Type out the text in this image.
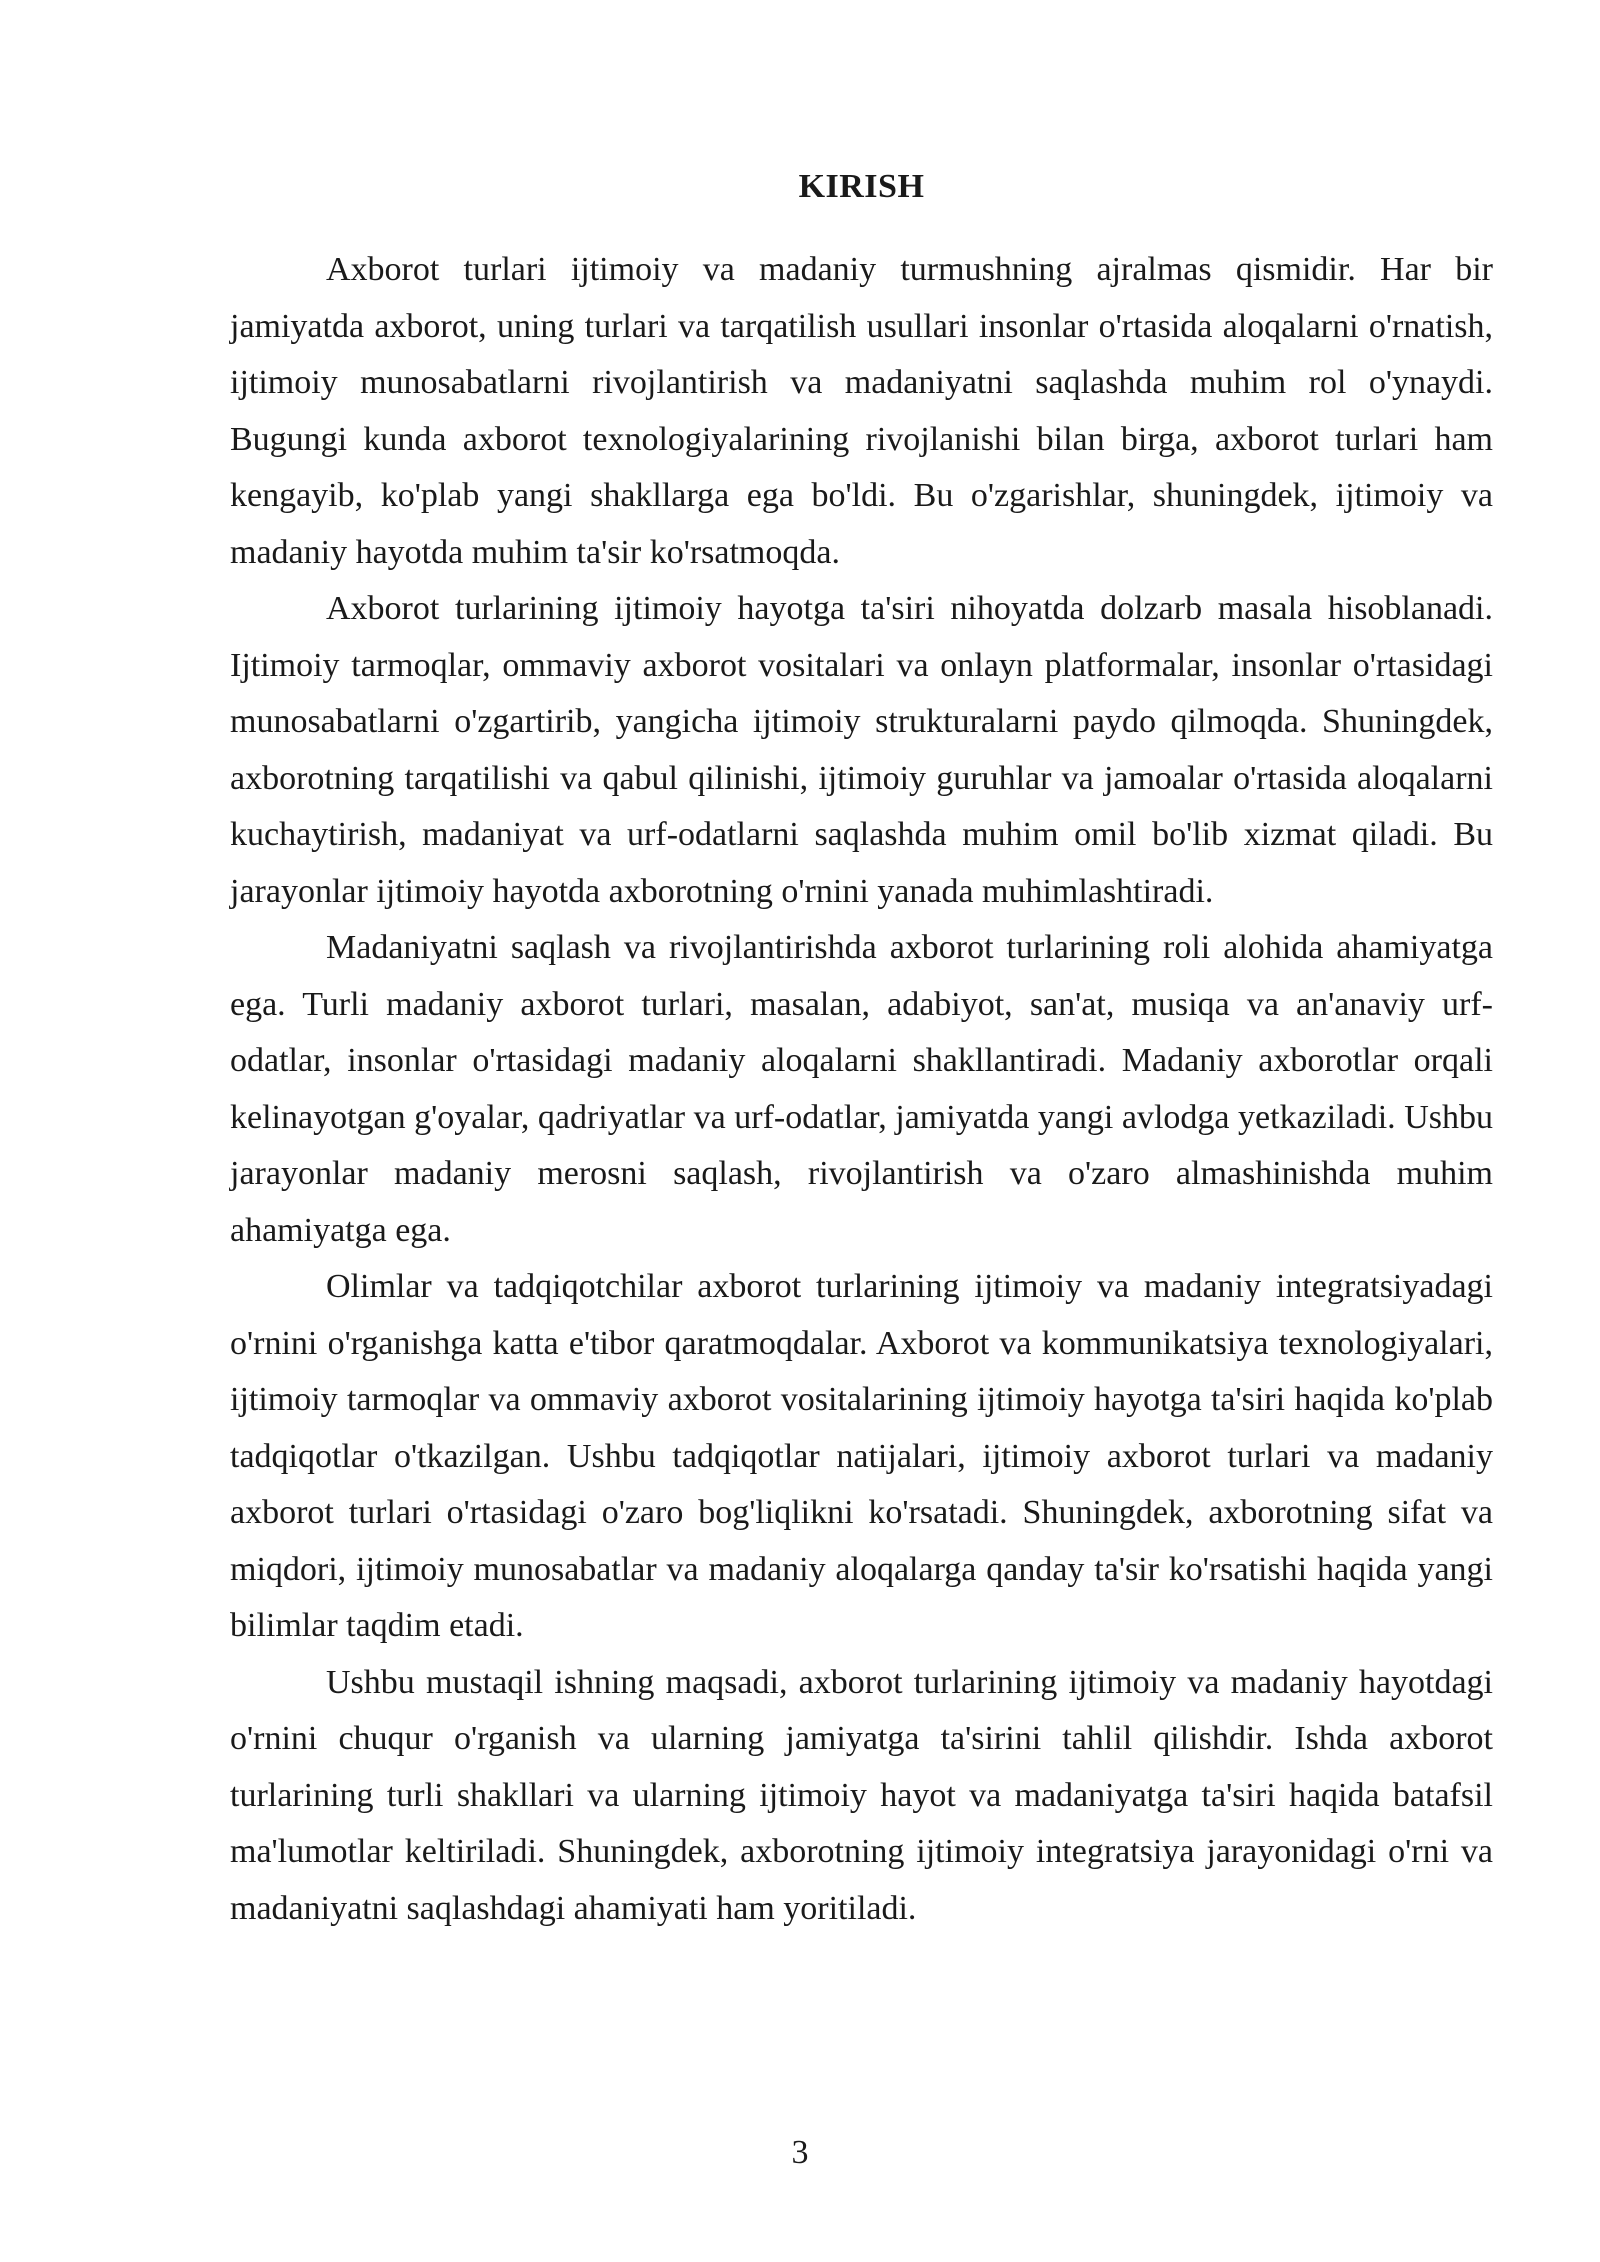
KIRISH

Axborot turlari ijtimoiy va madaniy turmushning ajralmas qismidir. Har bir jamiyatda axborot, uning turlari va tarqatilish usullari insonlar o'rtasida aloqalarni o'rnatish, ijtimoiy munosabatlarni rivojlantirish va madaniyatni saqlashda muhim rol o'ynaydi. Bugungi kunda axborot texnologiyalarining rivojlanishi bilan birga, axborot turlari ham kengayib, ko'plab yangi shakllarga ega bo'ldi. Bu o'zgarishlar, shuningdek, ijtimoiy va madaniy hayotda muhim ta'sir ko'rsatmoqda.

Axborot turlarining ijtimoiy hayotga ta'siri nihoyatda dolzarb masala hisoblanadi. Ijtimoiy tarmoqlar, ommaviy axborot vositalari va onlayn platformalar, insonlar o'rtasidagi munosabatlarni o'zgartirib, yangicha ijtimoiy strukturalarni paydo qilmoqda. Shuningdek, axborotning tarqatilishi va qabul qilinishi, ijtimoiy guruhlar va jamoalar o'rtasida aloqalarni kuchaytirish, madaniyat va urf-odatlarni saqlashda muhim omil bo'lib xizmat qiladi. Bu jarayonlar ijtimoiy hayotda axborotning o'rnini yanada muhimlashtiradi.

Madaniyatni saqlash va rivojlantirishda axborot turlarining roli alohida ahamiyatga ega. Turli madaniy axborot turlari, masalan, adabiyot, san'at, musiqa va an'anaviy urf-odatlar, insonlar o'rtasidagi madaniy aloqalarni shakllantiradi. Madaniy axborotlar orqali kelinayotgan g'oyalar, qadriyatlar va urf-odatlar, jamiyatda yangi avlodga yetkaziladi. Ushbu jarayonlar madaniy merosni saqlash, rivojlantirish va o'zaro almashinishda muhim ahamiyatga ega.

Olimlar va tadqiqotchilar axborot turlarining ijtimoiy va madaniy integratsiyadagi o'rnini o'rganishga katta e'tibor qaratmoqdalar. Axborot va kommunikatsiya texnologiyalari, ijtimoiy tarmoqlar va ommaviy axborot vositalarining ijtimoiy hayotga ta'siri haqida ko'plab tadqiqotlar o'tkazilgan. Ushbu tadqiqotlar natijalari, ijtimoiy axborot turlari va madaniy axborot turlari o'rtasidagi o'zaro bog'liqlikni ko'rsatadi. Shuningdek, axborotning sifat va miqdori, ijtimoiy munosabatlar va madaniy aloqalarga qanday ta'sir ko'rsatishi haqida yangi bilimlar taqdim etadi.

Ushbu mustaqil ishning maqsadi, axborot turlarining ijtimoiy va madaniy hayotdagi o'rnini chuqur o'rganish va ularning jamiyatga ta'sirini tahlil qilishdir. Ishda axborot turlarining turli shakllari va ularning ijtimoiy hayot va madaniyatga ta'siri haqida batafsil ma'lumotlar keltiriladi. Shuningdek, axborotning ijtimoiy integratsiya jarayonidagi o'rni va madaniyatni saqlashdagi ahamiyati ham yoritiladi.

3
